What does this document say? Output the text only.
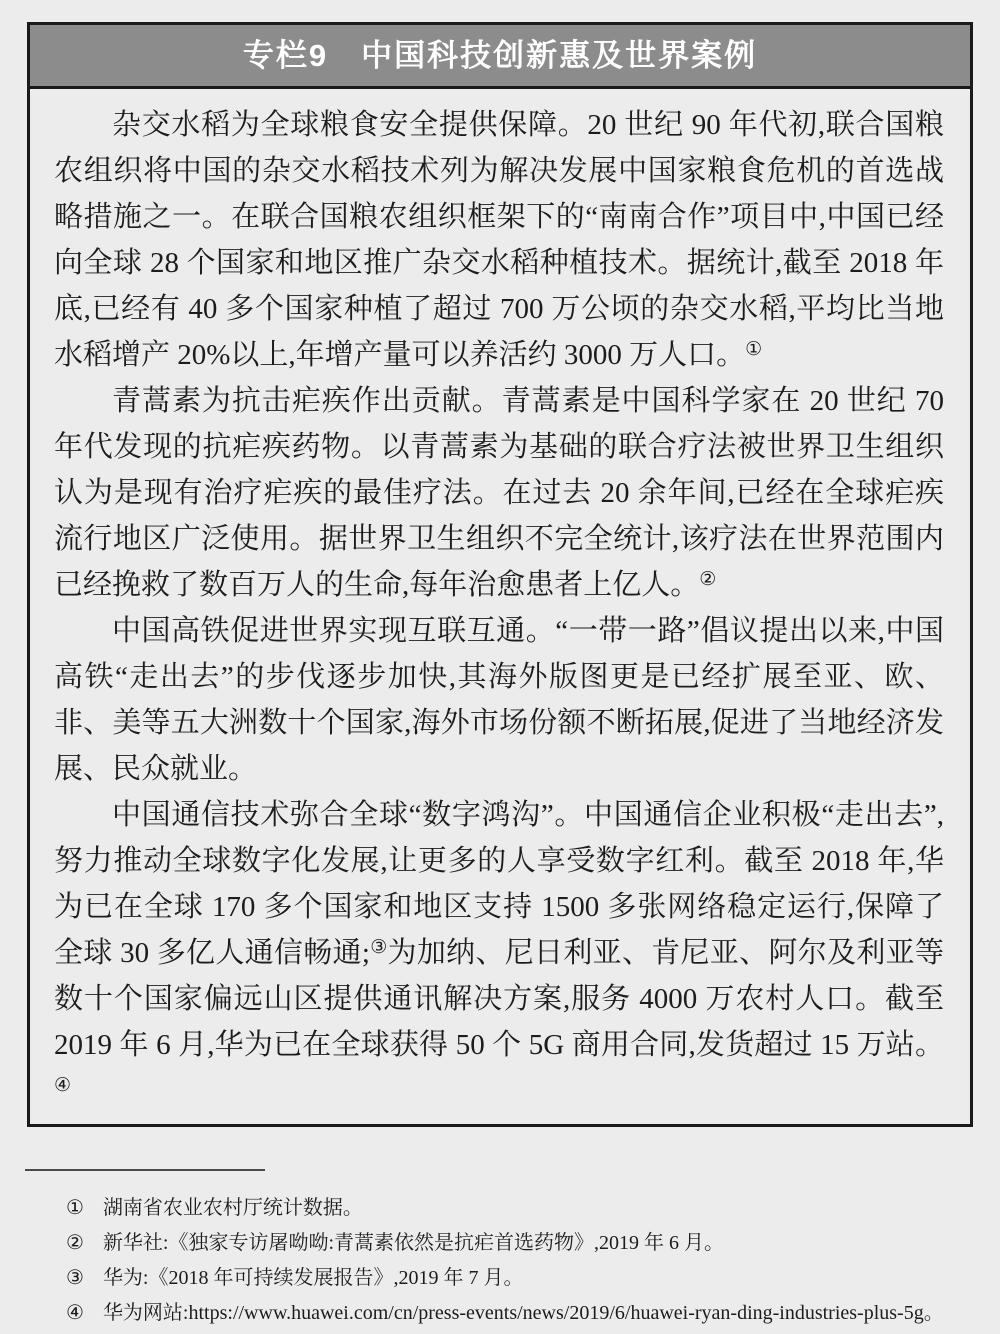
专栏9　中国科技创新惠及世界案例

杂交水稻为全球粮食安全提供保障。20 世纪 90 年代初,联合国粮农组织将中国的杂交水稻技术列为解决发展中国家粮食危机的首选战略措施之一。在联合国粮农组织框架下的“南南合作”项目中,中国已经向全球 28 个国家和地区推广杂交水稻种植技术。据统计,截至 2018 年底,已经有 40 多个国家种植了超过 700 万公顷的杂交水稻,平均比当地水稻增产 20%以上,年增产量可以养活约 3000 万人口。①

青蒿素为抗击疟疾作出贡献。青蒿素是中国科学家在 20 世纪 70 年代发现的抗疟疾药物。以青蒿素为基础的联合疗法被世界卫生组织认为是现有治疗疟疾的最佳疗法。在过去 20 余年间,已经在全球疟疾流行地区广泛使用。据世界卫生组织不完全统计,该疗法在世界范围内已经挽救了数百万人的生命,每年治愈患者上亿人。②

中国高铁促进世界实现互联互通。“一带一路”倡议提出以来,中国高铁“走出去”的步伐逐步加快,其海外版图更是已经扩展至亚、欧、非、美等五大洲数十个国家,海外市场份额不断拓展,促进了当地经济发展、民众就业。

中国通信技术弥合全球“数字鸿沟”。中国通信企业积极“走出去”,努力推动全球数字化发展,让更多的人享受数字红利。截至 2018 年,华为已在全球 170 多个国家和地区支持 1500 多张网络稳定运行,保障了全球 30 多亿人通信畅通;③为加纳、尼日利亚、肯尼亚、阿尔及利亚等数十个国家偏远山区提供通讯解决方案,服务 4000 万农村人口。截至 2019 年 6 月,华为已在全球获得 50 个 5G 商用合同,发货超过 15 万站。④

① 湖南省农业农村厅统计数据。
② 新华社:《独家专访屠呦呦:青蒿素依然是抗疟首选药物》,2019 年 6 月。
③ 华为:《2018 年可持续发展报告》,2019 年 7 月。
④ 华为网站:https://www.huawei.com/cn/press-events/news/2019/6/huawei-ryan-ding-industries-plus-5g。
